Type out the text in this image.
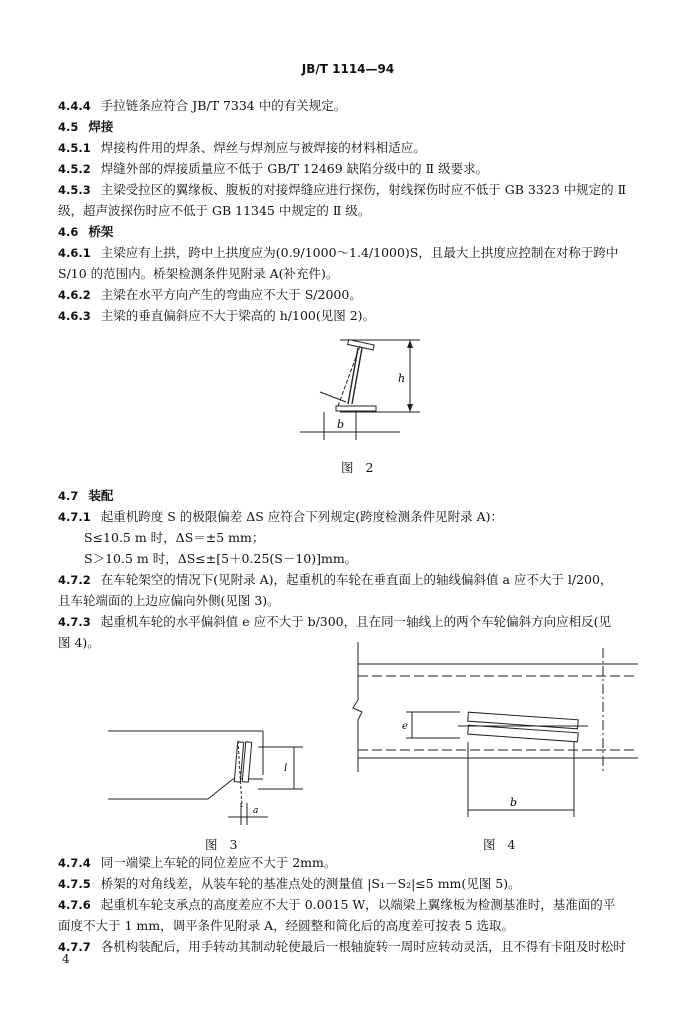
JB/T 1114—94
4.4.4 手拉链条应符合 JB/T 7334 中的有关规定。
4.5 焊接
4.5.1 焊接构件用的焊条、焊丝与焊剂应与被焊接的材料相适应。
4.5.2 焊缝外部的焊接质量应不低于 GB/T 12469 缺陷分级中的 Ⅱ 级要求。
4.5.3 主梁受拉区的翼缘板、腹板的对接焊缝应进行探伤，射线探伤时应不低于 GB 3323 中规定的 Ⅱ
4.6 桥架
4.6.1 主梁应有上拱，跨中上拱度应为(0.9/1000～1.4/1000)S，且最大上拱度应控制在对称于跨中
4.6.2 主梁在水平方向产生的弯曲应不大于 S/2000。
4.6.3 主梁的垂直偏斜应不大于梁高的 h/100(见图 2)。
4.7 装配
4.7.1 起重机跨度 S 的极限偏差 ΔS 应符合下列规定(跨度检测条件见附录 A)：
4.7.2 在车轮架空的情况下(见附录 A)，起重机的车轮在垂直面上的轴线偏斜值 a 应不大于 l/200，
4.7.3 起重机车轮的水平偏斜值 e 应不大于 b/300，且在同一轴线上的两个车轮偏斜方向应相反(见
4.7.4 同一端梁上车轮的同位差应不大于 2mm。
4.7.5 桥架的对角线差，从装车轮的基准点处的测量值 |S₁－S₂|≤5 mm(见图 5)。
4.7.6 起重机车轮支承点的高度差应不大于 0.0015 W，以端梁上翼缘板为检测基准时，基准面的平
4.7.7 各机构装配后，用手转动其制动轮使最后一根轴旋转一周时应转动灵活，且不得有卡阻及时松时
级，超声波探伤时应不低于 GB 11345 中规定的 Ⅱ 级。
S/10 的范围内。桥架检测条件见附录 A(补充件)。
且车轮端面的上边应偏向外侧(见图 3)。
图 4)。
面度不大于 1 mm，调平条件见附录 A，经圆整和简化后的高度差可按表 5 选取。
S≤10.5 m 时，ΔS＝±5 mm；
S＞10.5 m 时，ΔS≤±[5＋0.25(S－10)]mm。
h
b
图 2
l
a
图 3
e
b
图 4
4
